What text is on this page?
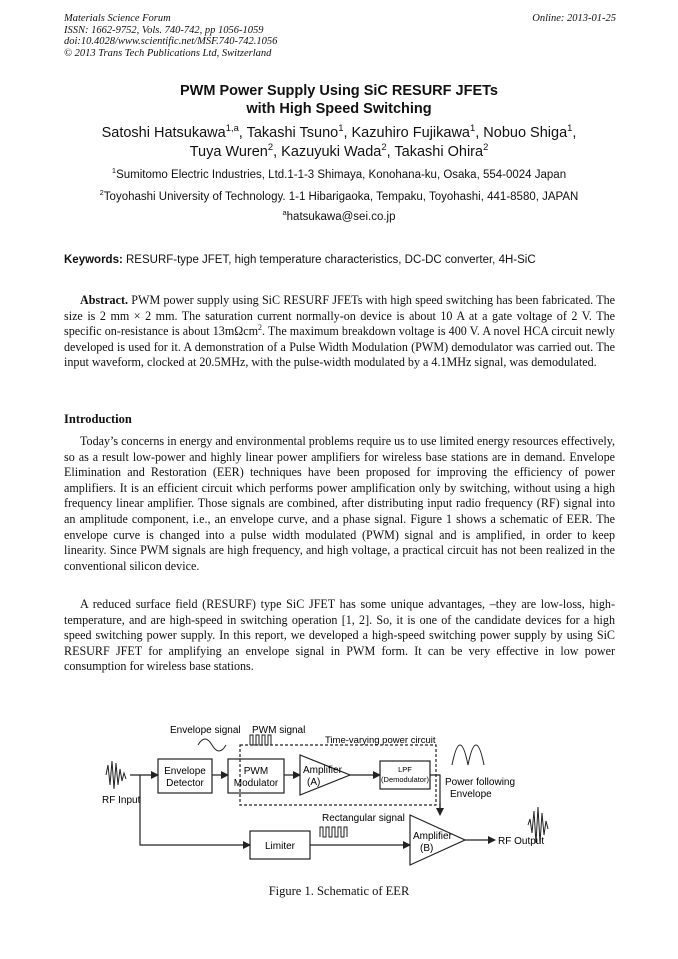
Materials Science Forum
ISSN: 1662-9752, Vols. 740-742, pp 1056-1059
doi:10.4028/www.scientific.net/MSF.740-742.1056
© 2013 Trans Tech Publications Ltd, Switzerland
Online: 2013-01-25
PWM Power Supply Using SiC RESURF JFETs
with High Speed Switching
Satoshi Hatsukawa$^{1,a}$, Takashi Tsuno$^1$, Kazuhiro Fujikawa$^1$, Nobuo Shiga$^1$,
Tuya Wuren$^2$, Kazuyuki Wada$^2$, Takashi Ohira$^2$
$^1$Sumitomo Electric Industries, Ltd.1-1-3 Shimaya, Konohana-ku, Osaka, 554-0024 Japan
$^2$Toyohashi University of Technology. 1-1 Hibarigaoka, Tempaku, Toyohashi, 441-8580, JAPAN
$^a$hatsukawa@sei.co.jp
Keywords: RESURF-type JFET, high temperature characteristics, DC-DC converter, 4H-SiC

Abstract. PWM power supply using SiC RESURF JFETs with high speed switching has been fabricated. The size is 2 mm × 2 mm. The saturation current normally-on device is about 10 A at a gate voltage of 2 V. The specific on-resistance is about 13mΩcm$^2$. The maximum breakdown voltage is 400 V. A novel HCA circuit newly developed is used for it. A demonstration of a Pulse Width Modulation (PWM) demodulator was carried out. The input waveform, clocked at 20.5MHz, with the pulse-width modulated by a 4.1MHz signal, was demodulated.

Introduction

Today’s concerns in energy and environmental problems require us to use limited energy resources effectively, so as a result low-power and highly linear power amplifiers for wireless base stations are in demand. Envelope Elimination and Restoration (EER) techniques have been proposed for improving the efficiency of power amplifiers. It is an efficient circuit which performs power amplification only by switching, without using a high frequency linear amplifier. Those signals are combined, after distributing input radio frequency (RF) signal into an amplitude component, i.e., an envelope curve, and a phase signal. Figure 1 shows a schematic of EER. The envelope curve is changed into a pulse width modulated (PWM) signal and is amplified, in order to keep linearity. Since PWM signals are high frequency, and high voltage, a practical circuit has not been realized in the conventional silicon device.

A reduced surface field (RESURF) type SiC JFET has some unique advantages, –they are low-loss, high-temperature, and are high-speed in switching operation [1, 2]. So, it is one of the candidate devices for a high speed switching power supply. In this report, we developed a high-speed switching power supply by using SiC RESURF JFET for amplifying an envelope signal in PWM form. It can be very effective in low power consumption for wireless base stations.

Envelope signal PWM signal
Time-varying power circuit
Envelope
Detector
PWM
Modulator
Amplifier
(A)
LPF
(Demodulator) Power following
Envelope
RF Input
Rectangular signal
Limiter
Amplifier
(B)
RF Output
Figure 1. Schematic of EER
